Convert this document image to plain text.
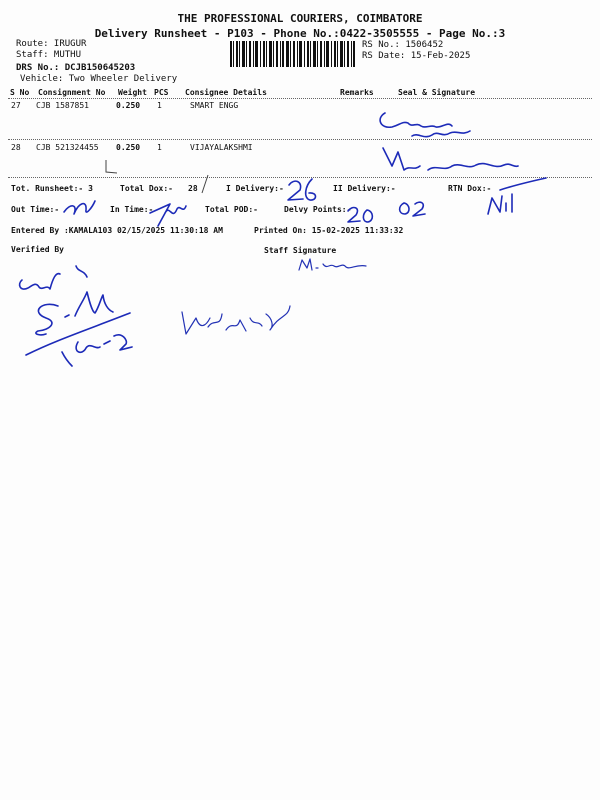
THE PROFESSIONAL COURIERS, COIMBATORE
Delivery Runsheet - P103 - Phone No.:0422-3505555 - Page No.:3
Route: IRUGUR
Staff: MUTHU
DRS No.: DCJB150645203
Vehicle: Two Wheeler Delivery
RS No.: 1506452
RS Date: 15-Feb-2025
S No Consignment No Weight PCS Consignee Details	Remarks	Seal & Signature
27 CJB 1587851	0.250 1	SMART ENGG
28 CJB 521324455 0.250 1	VIJAYALAKSHMI
Tot. Runsheet:- 3	Total Dox:- 28	I Delivery:-	II Delivery:-	RTN Dox:-
Out Time:-	In Time:-	Total POD:-	Delvy Points:-
Entered By :KAMALA103 02/15/2025 11:30:18 AM	Printed On: 15-02-2025 11:33:32
Verified By	Staff Signature
